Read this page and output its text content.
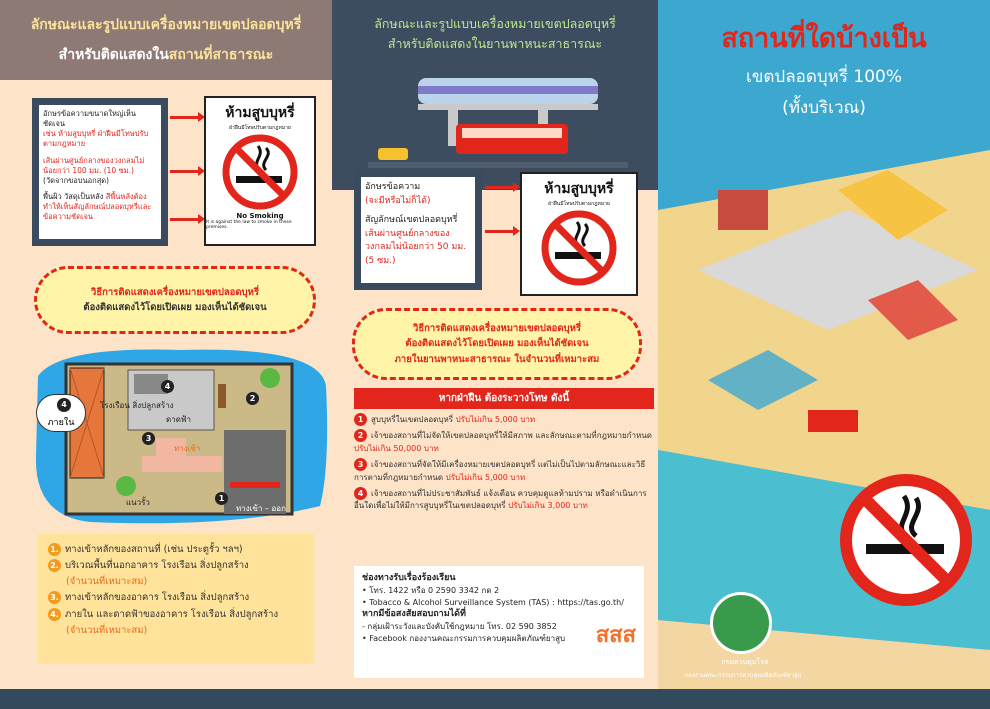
ลักษณะและรูปแบบเครื่องหมายเขตปลอดบุหรี่
สำหรับติดแสดงในสถานที่สาธารณะ
อักษรข้อความขนาดใหญ่เห็นชัดเจน
เช่น ห้ามสูบบุหรี่ ฝ่าฝืนมีโทษปรับตามกฎหมาย
เส้นผ่านศูนย์กลางของวงกลมไม่น้อยกว่า 100 มม. (10 ซม.)
(วัดจากขอบนอกสุด)
พื้นผิว วัสดุเป็นหลัง สีพื้นหลังต้องทำให้เห็นสัญลักษณ์ปลอดบุหรี่และข้อความชัดเจน
ห้ามสูบบุหรี่
ฝ่าฝืนมีโทษปรับตามกฎหมาย
No Smoking
It is against the law to smoke in these premises.
วิธีการติดแสดงเครื่องหมายเขตปลอดบุหรี่
ต้องติดแสดงไว้โดยเปิดเผย มองเห็นได้ชัดเจน
โรงเรือน สิ่งปลูกสร้าง
ดาดฟ้า
ทางเข้า
แนวรั้ว
ทางเข้า – ออก
ภายใน
4
4
2
3
1
1. ทางเข้าหลักของสถานที่ (เช่น ประตูรั้ว ฯลฯ)
2. บริเวณพื้นที่นอกอาคาร โรงเรือน สิ่งปลูกสร้าง
(จำนวนที่เหมาะสม)
3. ทางเข้าหลักของอาคาร โรงเรือน สิ่งปลูกสร้าง
4. ภายใน และดาดฟ้าของอาคาร โรงเรือน สิ่งปลูกสร้าง
(จำนวนที่เหมาะสม)
ลักษณะและรูปแบบเครื่องหมายเขตปลอดบุหรี่
สำหรับติดแสดงในยานพาหนะสาธารณะ
อักษรข้อความ
(จะมีหรือไม่ก็ได้)
สัญลักษณ์เขตปลอดบุหรี่
เส้นผ่านศูนย์กลางของวงกลมไม่น้อยกว่า 50 มม. (5 ซม.)
ห้ามสูบบุหรี่
ฝ่าฝืนมีโทษปรับตามกฎหมาย
วิธีการติดแสดงเครื่องหมายเขตปลอดบุหรี่
ต้องติดแสดงไว้โดยเปิดเผย มองเห็นได้ชัดเจน
ภายในยานพาหนะสาธารณะ ในจำนวนที่เหมาะสม
หากฝ่าฝืน ต้องระวางโทษ ดังนี้
1 สูบบุหรี่ในเขตปลอดบุหรี่ ปรับไม่เกิน 5,000 บาท
2 เจ้าของสถานที่ไม่จัดให้เขตปลอดบุหรี่ให้มีสภาพ และลักษณะตามที่กฎหมายกำหนด ปรับไม่เกิน 50,000 บาท
3 เจ้าของสถานที่จัดให้มีเครื่องหมายเขตปลอดบุหรี่ แต่ไม่เป็นไปตามลักษณะและวิธีการตามที่กฎหมายกำหนด ปรับไม่เกิน 5,000 บาท
4 เจ้าของสถานที่ไม่ประชาสัมพันธ์ แจ้งเตือน ควบคุมดูแลห้ามปราม หรือดำเนินการอื่นใดเพื่อไม่ให้มีการสูบบุหรี่ในเขตปลอดบุหรี่ ปรับไม่เกิน 3,000 บาท
ช่องทางรับเรื่องร้องเรียน
• โทร. 1422 หรือ 0 2590 3342 กด 2
• Tobacco & Alcohol Surveillance System (TAS) : https://tas.go.th/
หากมีข้อสงสัยสอบถามได้ที่
- กลุ่มเฝ้าระวังและบังคับใช้กฎหมาย โทร. 02 590 3852
• Facebook กองงานคณะกรรมการควบคุมผลิตภัณฑ์ยาสูบ	สสส
สถานที่ใดบ้างเป็น
เขตปลอดบุหรี่ 100%
(ทั้งบริเวณ)
กรมควบคุมโรค
กองงานคณะกรรมการควบคุมผลิตภัณฑ์ยาสูบ
